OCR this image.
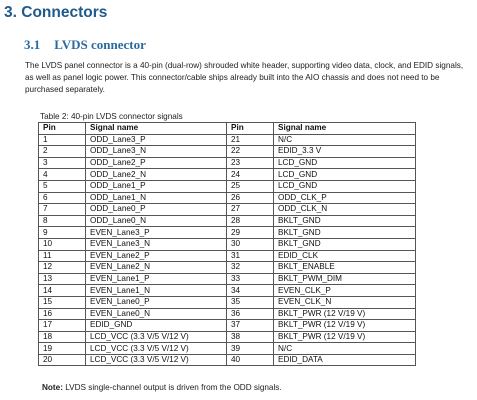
3. Connectors
3.1 LVDS connector

The LVDS panel connector is a 40-pin (dual-row) shrouded white header, supporting video data, clock, and EDID signals, as well as panel logic power. This connector/cable ships already built into the AIO chassis and does not need to be purchased separately.

Table 2: 40-pin LVDS connector signals
Pin	Signal name	Pin	Signal name
1	ODD_Lane3_P	21	N/C
2	ODD_Lane3_N	22	EDID_3.3 V
3	ODD_Lane2_P	23	LCD_GND
4	ODD_Lane2_N	24	LCD_GND
5	ODD_Lane1_P	25	LCD_GND
6	ODD_Lane1_N	26	ODD_CLK_P
7	ODD_Lane0_P	27	ODD_CLK_N
8	ODD_Lane0_N	28	BKLT_GND
9	EVEN_Lane3_P	29	BKLT_GND
10	EVEN_Lane3_N	30	BKLT_GND
11	EVEN_Lane2_P	31	EDID_CLK
12	EVEN_Lane2_N	32	BKLT_ENABLE
13	EVEN_Lane1_P	33	BKLT_PWM_DIM
14	EVEN_Lane1_N	34	EVEN_CLK_P
15	EVEN_Lane0_P	35	EVEN_CLK_N
16	EVEN_Lane0_N	36	BKLT_PWR (12 V/19 V)
17	EDID_GND	37	BKLT_PWR (12 V/19 V)
18	LCD_VCC (3.3 V/5 V/12 V)	38	BKLT_PWR (12 V/19 V)
19	LCD_VCC (3.3 V/5 V/12 V)	39	N/C
20	LCD_VCC (3.3 V/5 V/12 V)	40	EDID_DATA
Note: LVDS single-channel output is driven from the ODD signals.
